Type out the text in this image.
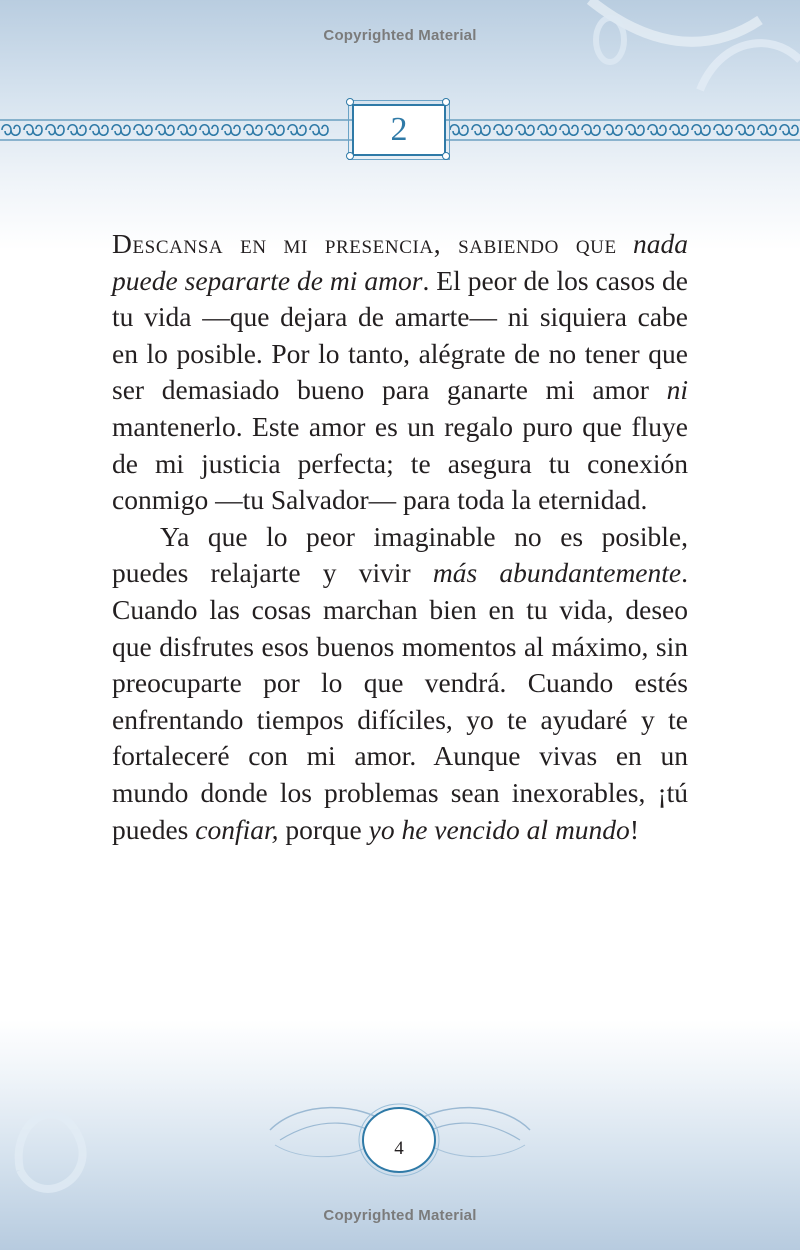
Copyrighted Material
2

Descansa en mi presencia, sabiendo que nada puede separarte de mi amor. El peor de los casos de tu vida —que dejara de amarte— ni siquiera cabe en lo posible. Por lo tanto, alégrate de no tener que ser demasiado bueno para ganarte mi amor ni mantenerlo. Este amor es un regalo puro que fluye de mi justicia perfecta; te asegura tu conexión conmigo —tu Salvador— para toda la eternidad.

Ya que lo peor imaginable no es posible, puedes relajarte y vivir más abundantemente. Cuando las cosas marchan bien en tu vida, deseo que disfrutes esos buenos momentos al máximo, sin preocuparte por lo que vendrá. Cuando estés enfrentando tiempos difíciles, yo te ayudaré y te fortaleceré con mi amor. Aunque vivas en un mundo donde los problemas sean inexorables, ¡tú puedes confiar, porque yo he vencido al mundo!

4
Copyrighted Material
